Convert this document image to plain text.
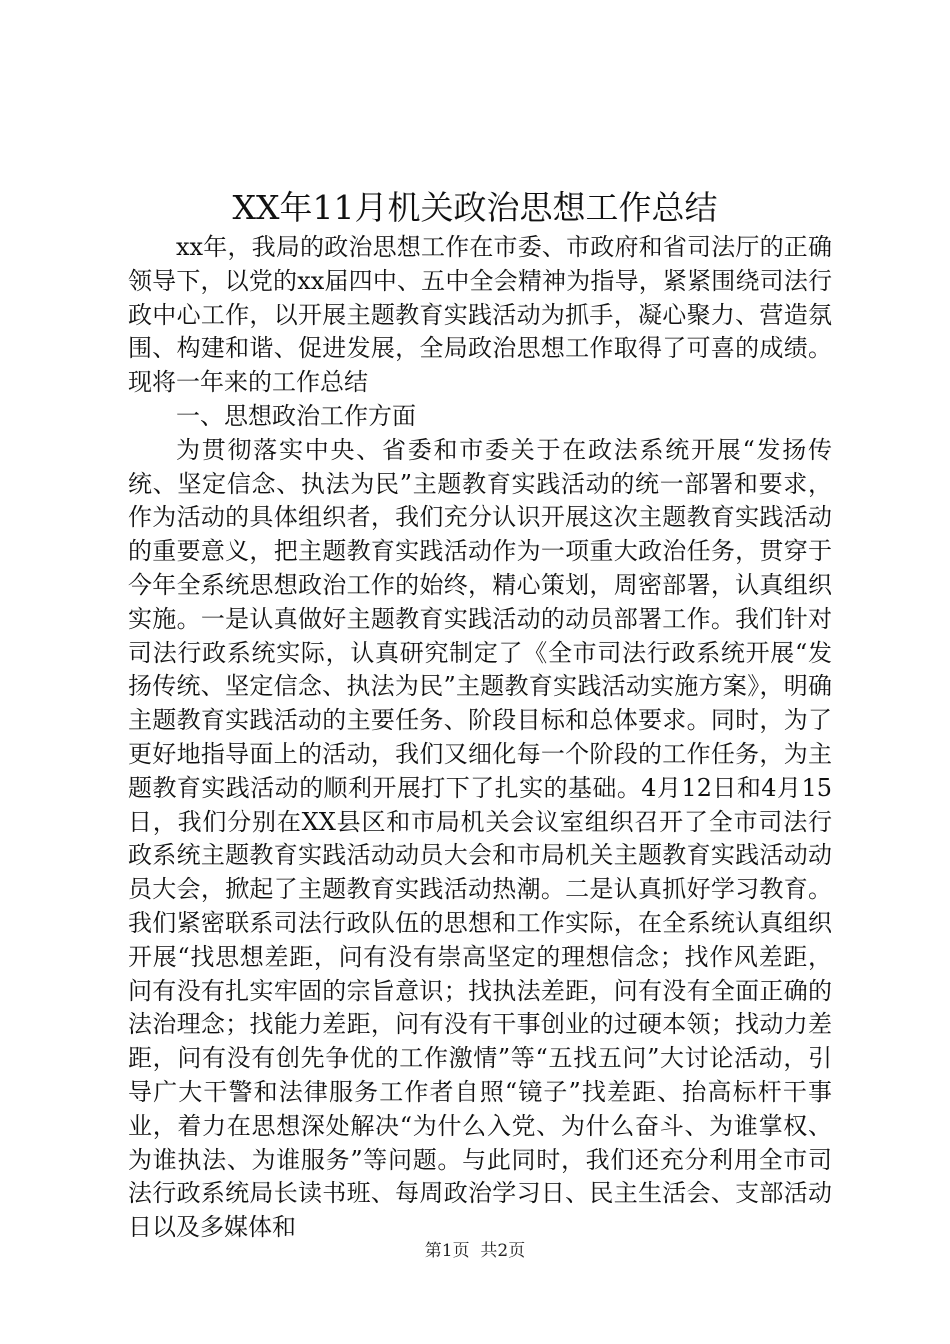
XX年11月机关政治思想工作总结

xx年，我局的政治思想工作在市委、市政府和省司法厅的正确领导下，以党的xx届四中、五中全会精神为指导，紧紧围绕司法行政中心工作，以开展主题教育实践活动为抓手，凝心聚力、营造氛围、构建和谐、促进发展，全局政治思想工作取得了可喜的成绩。现将一年来的工作总结

一、思想政治工作方面

为贯彻落实中央、省委和市委关于在政法系统开展“发扬传统、坚定信念、执法为民”主题教育实践活动的统一部署和要求，作为活动的具体组织者，我们充分认识开展这次主题教育实践活动的重要意义，把主题教育实践活动作为一项重大政治任务，贯穿于今年全系统思想政治工作的始终，精心策划，周密部署，认真组织实施。一是认真做好主题教育实践活动的动员部署工作。我们针对司法行政系统实际，认真研究制定了《全市司法行政系统开展“发扬传统、坚定信念、执法为民”主题教育实践活动实施方案》，明确主题教育实践活动的主要任务、阶段目标和总体要求。同时，为了更好地指导面上的活动，我们又细化每一个阶段的工作任务，为主题教育实践活动的顺利开展打下了扎实的基础。4月12日和4月15日，我们分别在XX县区和市局机关会议室组织召开了全市司法行政系统主题教育实践活动动员大会和市局机关主题教育实践活动动员大会，掀起了主题教育实践活动热潮。二是认真抓好学习教育。我们紧密联系司法行政队伍的思想和工作实际，在全系统认真组织开展“找思想差距，问有没有崇高坚定的理想信念；找作风差距，问有没有扎实牢固的宗旨意识；找执法差距，问有没有全面正确的法治理念；找能力差距，问有没有干事创业的过硬本领；找动力差距，问有没有创先争优的工作激情”等“五找五问”大讨论活动，引导广大干警和法律服务工作者自照“镜子”找差距、抬高标杆干事业，着力在思想深处解决“为什么入党、为什么奋斗、为谁掌权、为谁执法、为谁服务”等问题。与此同时，我们还充分利用全市司法行政系统局长读书班、每周政治学习日、民主生活会、支部活动日以及多媒体和

第1页  共2页
